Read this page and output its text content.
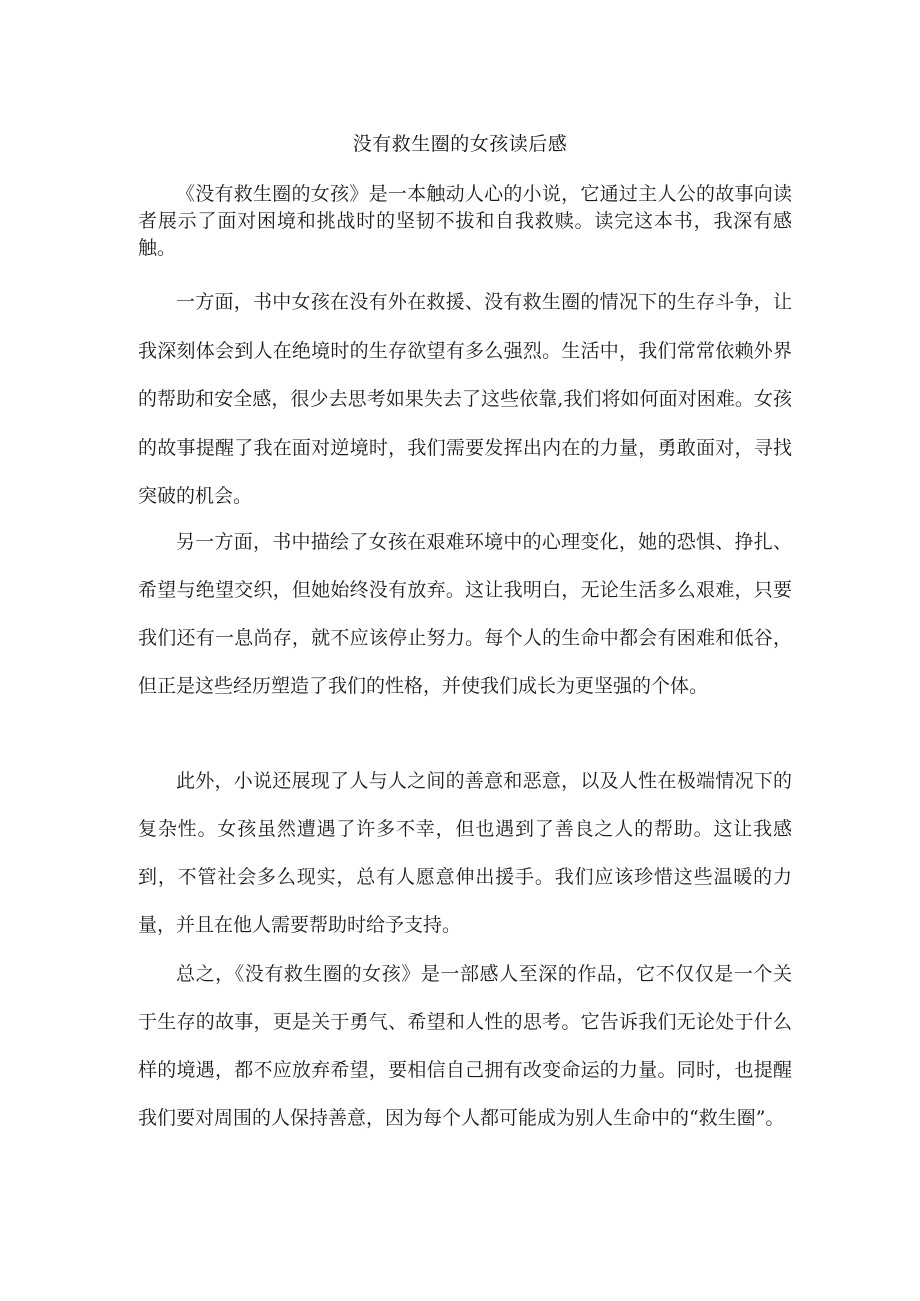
没有救生圈的女孩读后感

《没有救生圈的女孩》是一本触动人心的小说，它通过主人公的故事向读者展示了面对困境和挑战时的坚韧不拔和自我救赎。读完这本书，我深有感触。

一方面，书中女孩在没有外在救援、没有救生圈的情况下的生存斗争，让我深刻体会到人在绝境时的生存欲望有多么强烈。生活中，我们常常依赖外界的帮助和安全感，很少去思考如果失去了这些依靠,我们将如何面对困难。女孩的故事提醒了我在面对逆境时，我们需要发挥出内在的力量，勇敢面对，寻找突破的机会。

另一方面，书中描绘了女孩在艰难环境中的心理变化，她的恐惧、挣扎、希望与绝望交织，但她始终没有放弃。这让我明白，无论生活多么艰难，只要我们还有一息尚存，就不应该停止努力。每个人的生命中都会有困难和低谷，但正是这些经历塑造了我们的性格，并使我们成长为更坚强的个体。

此外，小说还展现了人与人之间的善意和恶意，以及人性在极端情况下的复杂性。女孩虽然遭遇了许多不幸，但也遇到了善良之人的帮助。这让我感到，不管社会多么现实，总有人愿意伸出援手。我们应该珍惜这些温暖的力量，并且在他人需要帮助时给予支持。

总之，《没有救生圈的女孩》是一部感人至深的作品，它不仅仅是一个关于生存的故事，更是关于勇气、希望和人性的思考。它告诉我们无论处于什么样的境遇，都不应放弃希望，要相信自己拥有改变命运的力量。同时，也提醒我们要对周围的人保持善意，因为每个人都可能成为别人生命中的“救生圈”。
